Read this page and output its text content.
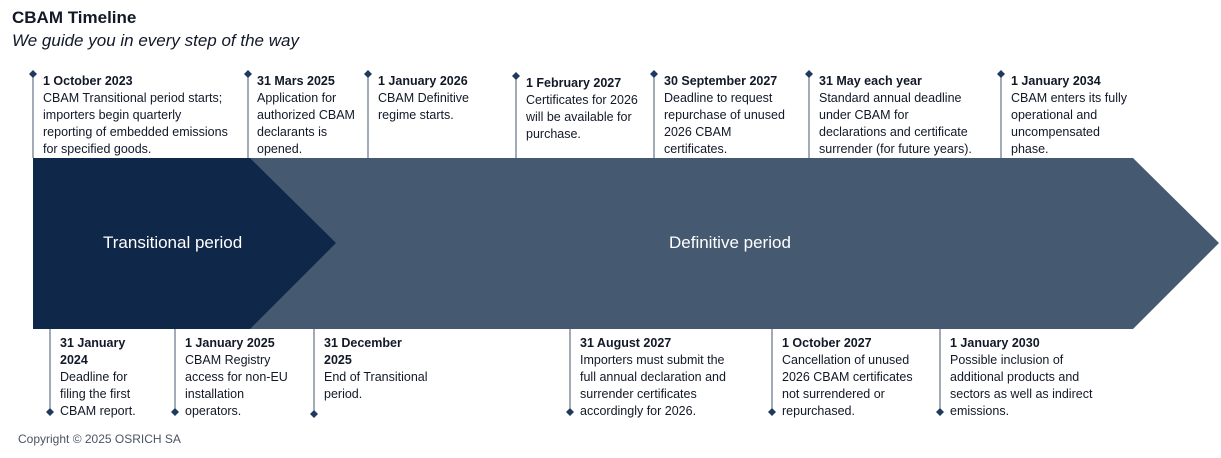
CBAM Timeline
We guide you in every step of the way
Transitional period	Definitive period
1 October 2023
CBAM Transitional period starts;
importers begin quarterly
reporting of embedded emissions
for specified goods.
31 Mars 2025
Application for
authorized CBAM
declarants is
opened.
1 January 2026
CBAM Definitive
regime starts.
1 February 2027
Certificates for 2026
will be available for
purchase.
30 September 2027
Deadline to request
repurchase of unused
2026 CBAM
certificates.
31 May each year
Standard annual deadline
under CBAM for
declarations and certificate
surrender (for future years).
1 January 2034
CBAM enters its fully
operational and
uncompensated
phase.
31 January
2024
Deadline for
filing the first
CBAM report.
1 January 2025
CBAM Registry
access for non-EU
installation
operators.
31 December
2025
End of Transitional
period.
31 August 2027
Importers must submit the
full annual declaration and
surrender certificates
accordingly for 2026.
1 October 2027
Cancellation of unused
2026 CBAM certificates
not surrendered or
repurchased.
1 January 2030
Possible inclusion of
additional products and
sectors as well as indirect
emissions.
Copyright © 2025 OSRICH SA
